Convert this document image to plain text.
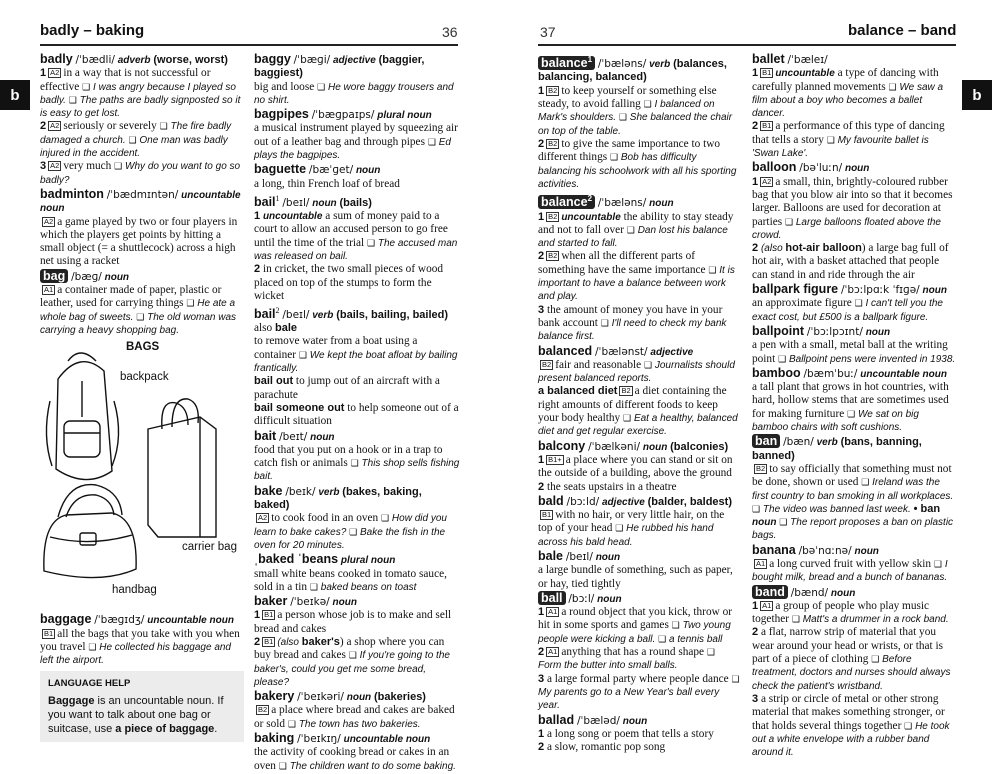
badly – baking	36
b
badly /ˈbædli/ adverb (worse, worst)
1 A2 in a way that is not successful or effective ❑ I was angry because I played so badly. ❑ The paths are badly signposted so it is easy to get lost.
2 A2 seriously or severely ❑ The fire badly damaged a church. ❑ One man was badly injured in the accident.
3 A2 very much ❑ Why do you want to go so badly?
badminton /ˈbædmɪntən/ uncountable noun
A2 a game played by two or four players in which the players get points by hitting a small object (= a shuttlecock) across a high net using a racket
bag /bæɡ/ noun
A1 a container made of paper, plastic or leather, used for carrying things ❑ He ate a whole bag of sweets. ❑ The old woman was carrying a heavy shopping bag.
BAGS
backpack
carrier bag
handbag
baggage /ˈbæɡɪdʒ/ uncountable noun
B1 all the bags that you take with you when you travel ❑ He collected his baggage and left the airport.
LANGUAGE HELP
Baggage is an uncountable noun. If you want to talk about one bag or suitcase, use a piece of baggage.
baggy /ˈbæɡi/ adjective (baggier, baggiest)
big and loose ❑ He wore baggy trousers and no shirt.
bagpipes /ˈbæɡpaɪps/ plural noun
a musical instrument played by squeezing air out of a leather bag and through pipes ❑ Ed plays the bagpipes.
baguette /bæˈɡet/ noun
a long, thin French loaf of bread
bail$^1$ /beɪl/ noun (bails)
1 uncountable a sum of money paid to a court to allow an accused person to go free until the time of the trial ❑ The accused man was released on bail.
2 in cricket, the two small pieces of wood placed on top of the stumps to form the wicket
bail$^2$ /beɪl/ verb (bails, bailing, bailed)
also bale
to remove water from a boat using a container ❑ We kept the boat afloat by bailing frantically.
bail out to jump out of an aircraft with a parachute
bail someone out to help someone out of a difficult situation
bait /beɪt/ noun
food that you put on a hook or in a trap to catch fish or animals ❑ This shop sells fishing bait.
bake /beɪk/ verb (bakes, baking, baked)
A2 to cook food in an oven ❑ How did you learn to bake cakes? ❑ Bake the fish in the oven for 20 minutes.
ˌbaked ˈbeans plural noun
small white beans cooked in tomato sauce, sold in a tin ❑ baked beans on toast
baker /ˈbeɪkə/ noun
1 B1 a person whose job is to make and sell bread and cakes
2 B1 (also baker's) a shop where you can buy bread and cakes ❑ If you're going to the baker's, could you get me some bread, please?
bakery /ˈbeɪkəri/ noun (bakeries)
B2 a place where bread and cakes are baked or sold ❑ The town has two bakeries.
baking /ˈbeɪkɪŋ/ uncountable noun
the activity of cooking bread or cakes in an oven ❑ The children want to do some baking.
37	balance – band
b
balance$^1$ /ˈbæləns/ verb (balances, balancing, balanced)
1 B2 to keep yourself or something else steady, to avoid falling ❑ I balanced on Mark's shoulders. ❑ She balanced the chair on top of the table.
2 B2 to give the same importance to two different things ❑ Bob has difficulty balancing his schoolwork with all his sporting activities.
balance$^2$ /ˈbæləns/ noun
1 B2 uncountable the ability to stay steady and not to fall over ❑ Dan lost his balance and started to fall.
2 B2 when all the different parts of something have the same importance ❑ It is important to have a balance between work and play.
3 the amount of money you have in your bank account ❑ I'll need to check my bank balance first.
balanced /ˈbælənst/ adjective
B2 fair and reasonable ❑ Journalists should present balanced reports.
a balanced diet B2 a diet containing the right amounts of different foods to keep your body healthy ❑ Eat a healthy, balanced diet and get regular exercise.
balcony /ˈbælkəni/ noun (balconies)
1 B1+ a place where you can stand or sit on the outside of a building, above the ground
2 the seats upstairs in a theatre
bald /bɔːld/ adjective (balder, baldest)
B1 with no hair, or very little hair, on the top of your head ❑ He rubbed his hand across his bald head.
bale /beɪl/ noun
a large bundle of something, such as paper, or hay, tied tightly
ball /bɔːl/ noun
1 A1 a round object that you kick, throw or hit in some sports and games ❑ Two young people were kicking a ball. ❑ a tennis ball
2 A1 anything that has a round shape ❑ Form the butter into small balls.
3 a large formal party where people dance ❑ My parents go to a New Year's ball every year.
ballad /ˈbæləd/ noun
1 a long song or poem that tells a story
2 a slow, romantic pop song
ballet /ˈbæleɪ/
1 B1 uncountable a type of dancing with carefully planned movements ❑ We saw a film about a boy who becomes a ballet dancer.
2 B1 a performance of this type of dancing that tells a story ❑ My favourite ballet is 'Swan Lake'.
balloon /bəˈluːn/ noun
1 A2 a small, thin, brightly-coloured rubber bag that you blow air into so that it becomes larger. Balloons are used for decoration at parties ❑ Large balloons floated above the crowd.
2 (also hot-air balloon) a large bag full of hot air, with a basket attached that people can stand in and ride through the air
ballpark figure /ˈbɔːlpɑːk ˈfɪɡə/ noun
an approximate figure ❑ I can't tell you the exact cost, but £500 is a ballpark figure.
ballpoint /ˈbɔːlpɔɪnt/ noun
a pen with a small, metal ball at the writing point ❑ Ballpoint pens were invented in 1938.
bamboo /bæmˈbuː/ uncountable noun
a tall plant that grows in hot countries, with hard, hollow stems that are sometimes used for making furniture ❑ We sat on big bamboo chairs with soft cushions.
ban /bæn/ verb (bans, banning, banned)
B2 to say officially that something must not be done, shown or used ❑ Ireland was the first country to ban smoking in all workplaces. ❑ The video was banned last week. • ban noun ❑ The report proposes a ban on plastic bags.
banana /bəˈnɑːnə/ noun
A1 a long curved fruit with yellow skin ❑ I bought milk, bread and a bunch of bananas.
band /bænd/ noun
1 A1 a group of people who play music together ❑ Matt's a drummer in a rock band.
2 a flat, narrow strip of material that you wear around your head or wrists, or that is part of a piece of clothing ❑ Before treatment, doctors and nurses should always check the patient's wristband.
3 a strip or circle of metal or other strong material that makes something stronger, or that holds several things together ❑ He took out a white envelope with a rubber band around it.
